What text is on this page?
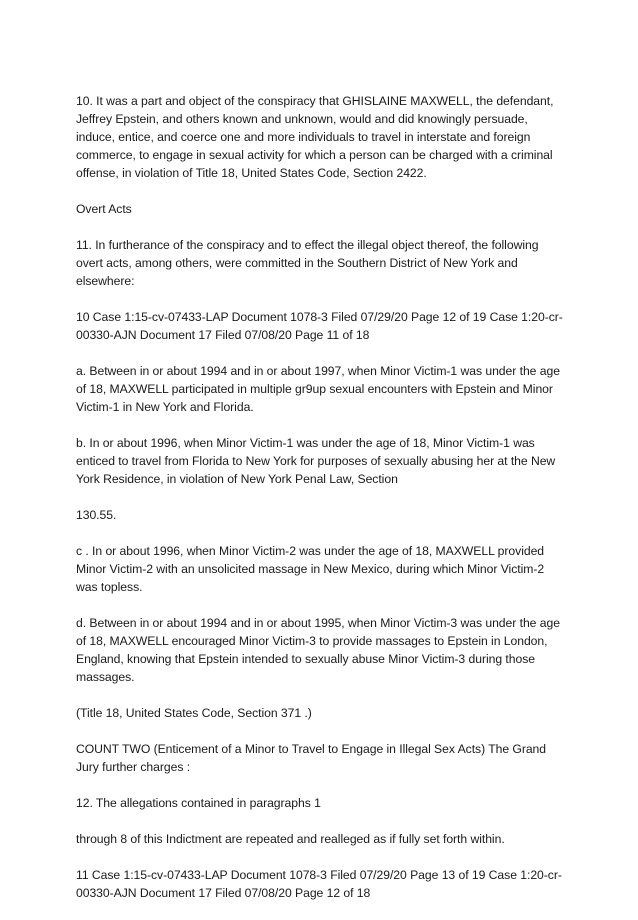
10. It was a part and object of the conspiracy that GHISLAINE MAXWELL, the defendant, Jeffrey Epstein, and others known and unknown, would and did knowingly persuade, induce, entice, and coerce one and more individuals to travel in interstate and foreign commerce, to engage in sexual activity for which a person can be charged with a criminal offense, in violation of Title 18, United States Code, Section 2422.

Overt Acts

11. In furtherance of the conspiracy and to effect the illegal object thereof, the following overt acts, among others, were committed in the Southern District of New York and elsewhere:

10 Case 1:15-cv-07433-LAP Document 1078-3 Filed 07/29/20 Page 12 of 19 Case 1:20-cr-00330-AJN Document 17 Filed 07/08/20 Page 11 of 18

a. Between in or about 1994 and in or about 1997, when Minor Victim-1 was under the age of 18, MAXWELL participated in multiple gr9up sexual encounters with Epstein and Minor Victim-1 in New York and Florida.

b. In or about 1996, when Minor Victim-1 was under the age of 18, Minor Victim-1 was enticed to travel from Florida to New York for purposes of sexually abusing her at the New York Residence, in violation of New York Penal Law, Section

130.55.

c . In or about 1996, when Minor Victim-2 was under the age of 18, MAXWELL provided Minor Victim-2 with an unsolicited massage in New Mexico, during which Minor Victim-2 was topless.

d. Between in or about 1994 and in or about 1995, when Minor Victim-3 was under the age of 18, MAXWELL encouraged Minor Victim-3 to provide massages to Epstein in London, England, knowing that Epstein intended to sexually abuse Minor Victim-3 during those massages.

(Title 18, United States Code, Section 371 .)

COUNT TWO (Enticement of a Minor to Travel to Engage in Illegal Sex Acts) The Grand Jury further charges :

12. The allegations contained in paragraphs 1

through 8 of this Indictment are repeated and realleged as if fully set forth within.

11 Case 1:15-cv-07433-LAP Document 1078-3 Filed 07/29/20 Page 13 of 19 Case 1:20-cr-00330-AJN Document 17 Filed 07/08/20 Page 12 of 18
